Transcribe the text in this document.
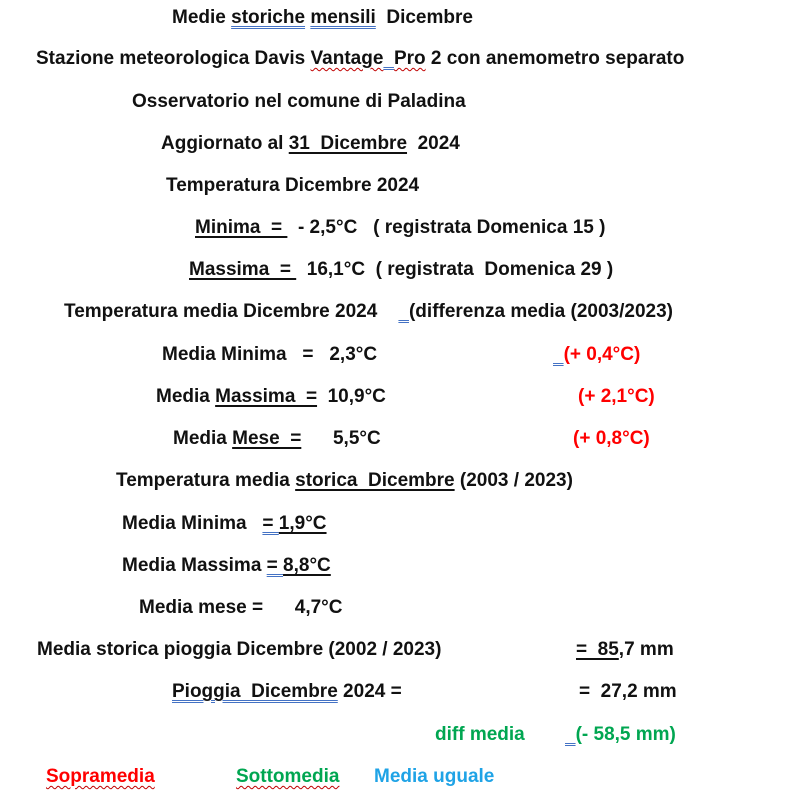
Medie storiche mensili  Dicembre
Stazione meteorologica Davis Vantage Pro 2 con anemometro separato
Osservatorio nel comune di Paladina
Aggiornato al 31  Dicembre  2024
Temperatura Dicembre 2024
Minima  =   - 2,5°C   ( registrata Domenica 15 )
Massima  =   16,1°C  ( registrata  Domenica 29 )
Temperatura media Dicembre 2024      (differenza media (2003/2023)
Media Minima   =   2,3°C	(+ 0,4°C)
Media Massima  =  10,9°C	(+ 2,1°C)
Media Mese  =      5,5°C	(+ 0,8°C)
Temperatura media storica  Dicembre (2003 / 2023)
Media Minima   = 1,9°C
Media Massima = 8,8°C
Media mese =      4,7°C
Media storica pioggia Dicembre (2002 / 2023)	=  85,7 mm
Pioggia  Dicembre 2024 =	=  27,2 mm
diff media	(- 58,5 mm)
Sopramedia	Sottomedia Media uguale
